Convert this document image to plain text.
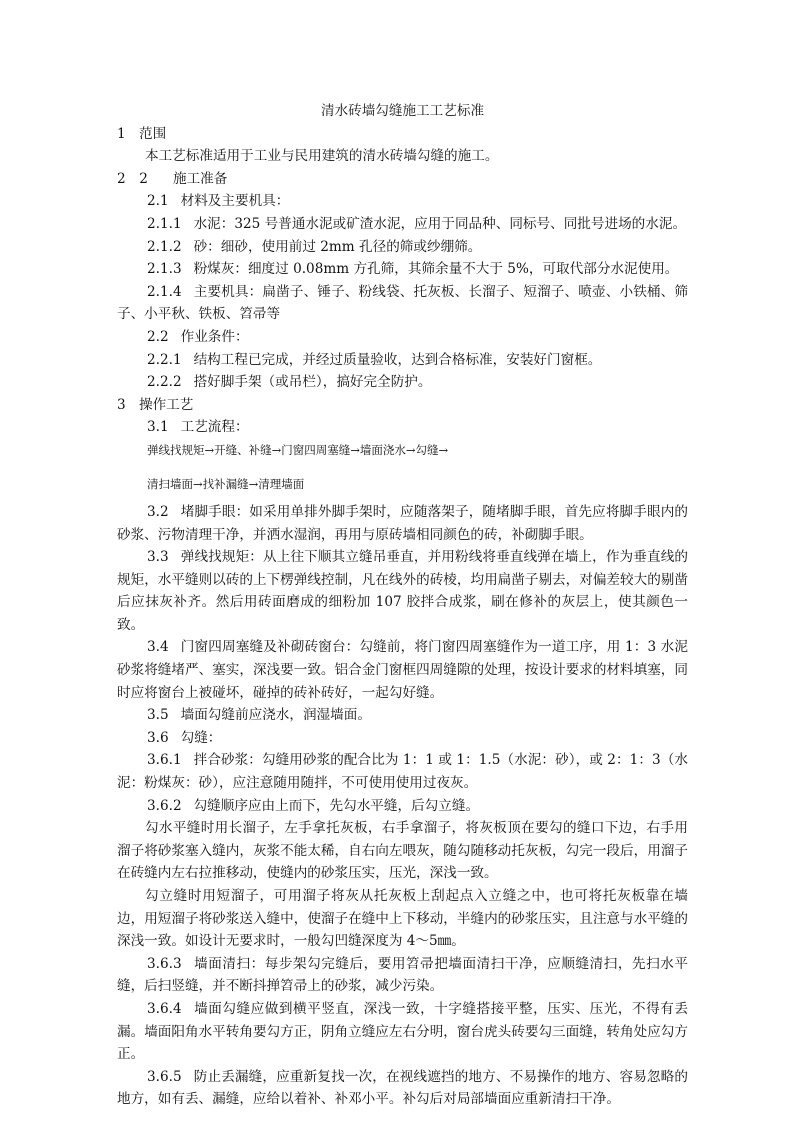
清水砖墙勾缝施工工艺标准
1 范围
本工艺标准适用于工业与民用建筑的清水砖墙勾缝的施工。
2　2 施工准备
2.1 材料及主要机具：
2.1.1 水泥：325 号普通水泥或矿渣水泥，应用于同品种、同标号、同批号进场的水泥。
2.1.2 砂：细砂，使用前过 2mm 孔径的筛或纱绷筛。
2.1.3 粉煤灰：细度过 0.08mm 方孔筛，其筛余量不大于 5%，可取代部分水泥使用。
2.1.4 主要机具：扁凿子、锤子、粉线袋、托灰板、长溜子、短溜子、喷壶、小铁桶、筛子、小平秋、铁板、笤帚等
2.2 作业条件：
2.2.1 结构工程已完成，并经过质量验收，达到合格标准，安装好门窗框。
2.2.2 搭好脚手架（或吊栏），搞好完全防护。
3 操作工艺
3.1 工艺流程：
弹线找规矩→开缝、补缝→门窗四周塞缝→墙面浇水→勾缝→
清扫墙面→找补漏缝→清理墙面
3.2 堵脚手眼：如采用单排外脚手架时，应随落架子，随堵脚手眼，首先应将脚手眼内的砂浆、污物清理干净，并洒水湿润，再用与原砖墙相同颜色的砖，补砌脚手眼。
3.3 弹线找规矩：从上往下顺其立缝吊垂直，并用粉线将垂直线弹在墙上，作为垂直线的规矩，水平缝则以砖的上下楞弹线控制，凡在线外的砖棱，均用扁凿子剔去，对偏差较大的剔凿后应抹灰补齐。然后用砖面磨成的细粉加 107 胶拌合成浆，刷在修补的灰层上，使其颜色一致。
3.4 门窗四周塞缝及补砌砖窗台：勾缝前，将门窗四周塞缝作为一道工序，用 1：3 水泥砂浆将缝堵严、塞实，深浅要一致。铝合金门窗框四周缝隙的处理，按设计要求的材料填塞，同时应将窗台上被碰坏，碰掉的砖补砖好，一起勾好缝。
3.5 墙面勾缝前应浇水，润湿墙面。
3.6 勾缝：
3.6.1 拌合砂浆：勾缝用砂浆的配合比为 1：1 或 1：1.5（水泥：砂），或 2：1：3（水泥：粉煤灰：砂），应注意随用随拌，不可使用使用过夜灰。
3.6.2 勾缝顺序应由上而下，先勾水平缝，后勾立缝。
勾水平缝时用长溜子，左手拿托灰板，右手拿溜子，将灰板顶在要勾的缝口下边，右手用溜子将砂浆塞入缝内，灰浆不能太稀，自右向左喂灰，随勾随移动托灰板，勾完一段后，用溜子在砖缝内左右拉推移动，使缝内的砂浆压实，压光，深浅一致。
勾立缝时用短溜子，可用溜子将灰从托灰板上刮起点入立缝之中，也可将托灰板靠在墙边，用短溜子将砂浆送入缝中，使溜子在缝中上下移动，半缝内的砂浆压实，且注意与水平缝的深浅一致。如设计无要求时，一般勾凹缝深度为 4～5㎜。
3.6.3 墙面清扫：每步架勾完缝后，要用笤帚把墙面清扫干净，应顺缝清扫，先扫水平缝，后扫竖缝，并不断抖掸笤帚上的砂浆，减少污染。
3.6.4 墙面勾缝应做到横平竖直，深浅一致，十字缝搭接平整，压实、压光，不得有丢漏。墙面阳角水平转角要勾方正，阴角立缝应左右分明，窗台虎头砖要勾三面缝，转角处应勾方正。
3.6.5 防止丢漏缝，应重新复找一次，在视线遮挡的地方、不易操作的地方、容易忽略的地方，如有丢、漏缝，应给以着补、补邓小平。补勾后对局部墙面应重新清扫干净。
